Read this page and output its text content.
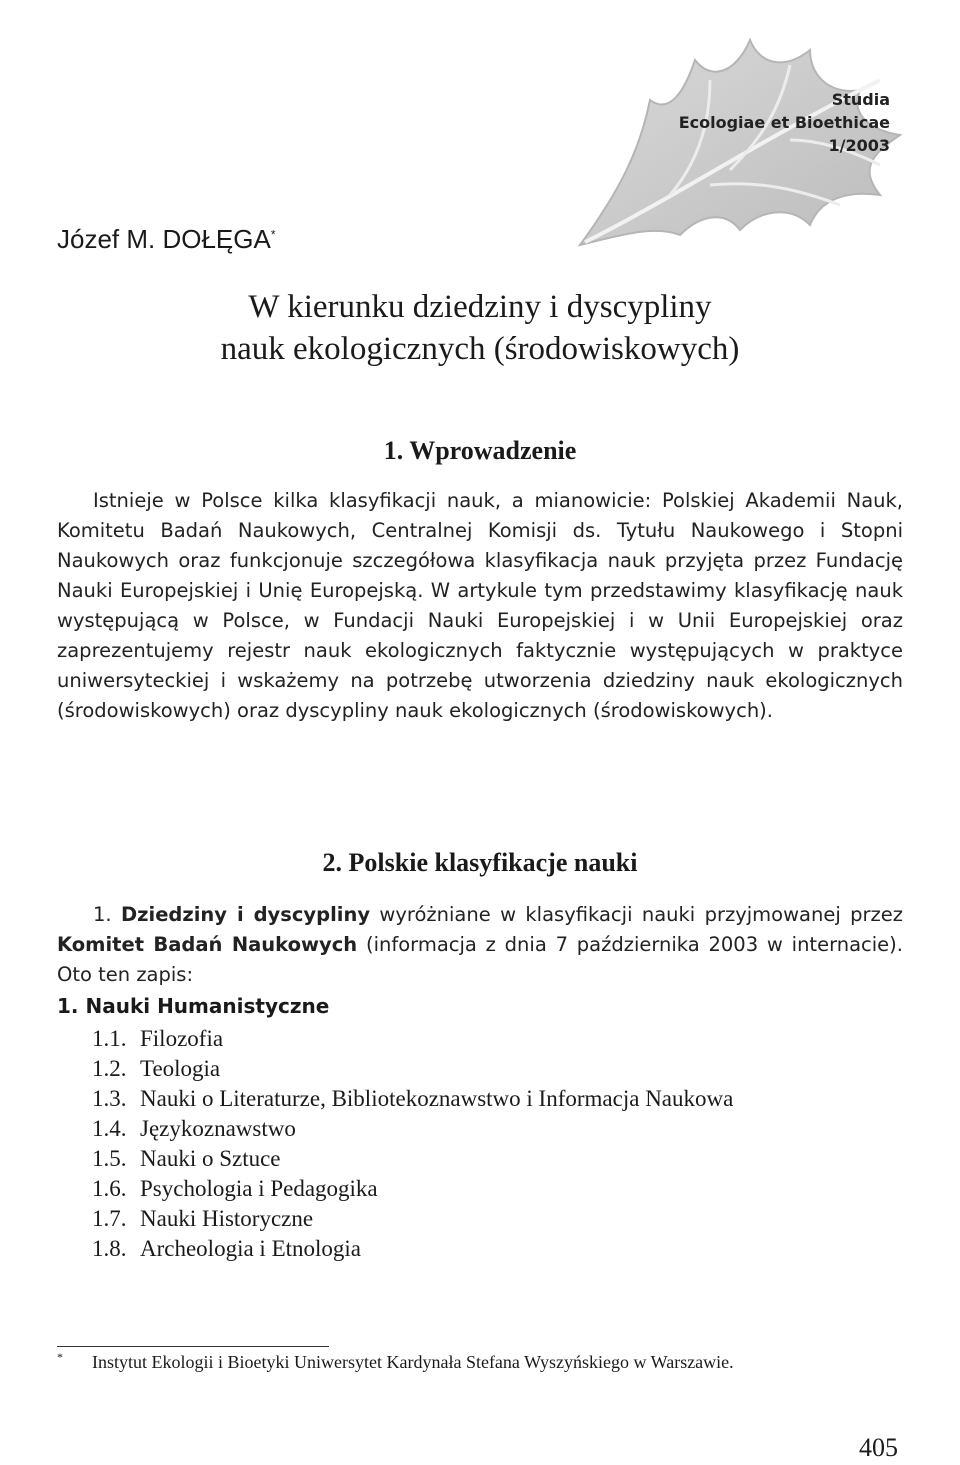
Studia
Ecologiae et Bioethicae
1/2003
Józef M. DOŁĘGA*
W kierunku dziedziny i dyscypliny
nauk ekologicznych (środowiskowych)
1. Wprowadzenie
Istnieje w Polsce kilka klasyfikacji nauk, a mianowicie: Polskiej Akademii Nauk, Komitetu Badań Naukowych, Centralnej Komisji ds. Tytułu Naukowego i Stopni Naukowych oraz funkcjonuje szczegółowa klasyfikacja nauk przyjęta przez Fundację Nauki Europejskiej i Unię Europejską. W artykule tym przedstawimy klasyfikację nauk występującą w Polsce, w Fundacji Nauki Europejskiej i w Unii Europejskiej oraz zaprezentujemy rejestr nauk ekologicznych faktycznie występujących w praktyce uniwersyteckiej i wskażemy na potrzebę utworzenia dziedziny nauk ekologicznych (środowiskowych) oraz dyscypliny nauk ekologicznych (środowiskowych).
2. Polskie klasyfikacje nauki
1. Dziedziny i dyscypliny wyróżniane w klasyfikacji nauki przyjmowanej przez Komitet Badań Naukowych (informacja z dnia 7 października 2003 w internacie). Oto ten zapis:
1. Nauki Humanistyczne
1.1. Filozofia
1.2. Teologia
1.3. Nauki o Literaturze, Bibliotekoznawstwo i Informacja Naukowa
1.4. Językoznawstwo
1.5. Nauki o Sztuce
1.6. Psychologia i Pedagogika
1.7. Nauki Historyczne
1.8. Archeologia i Etnologia
* Instytut Ekologii i Bioetyki Uniwersytet Kardynała Stefana Wyszyńskiego w Warszawie.
405
